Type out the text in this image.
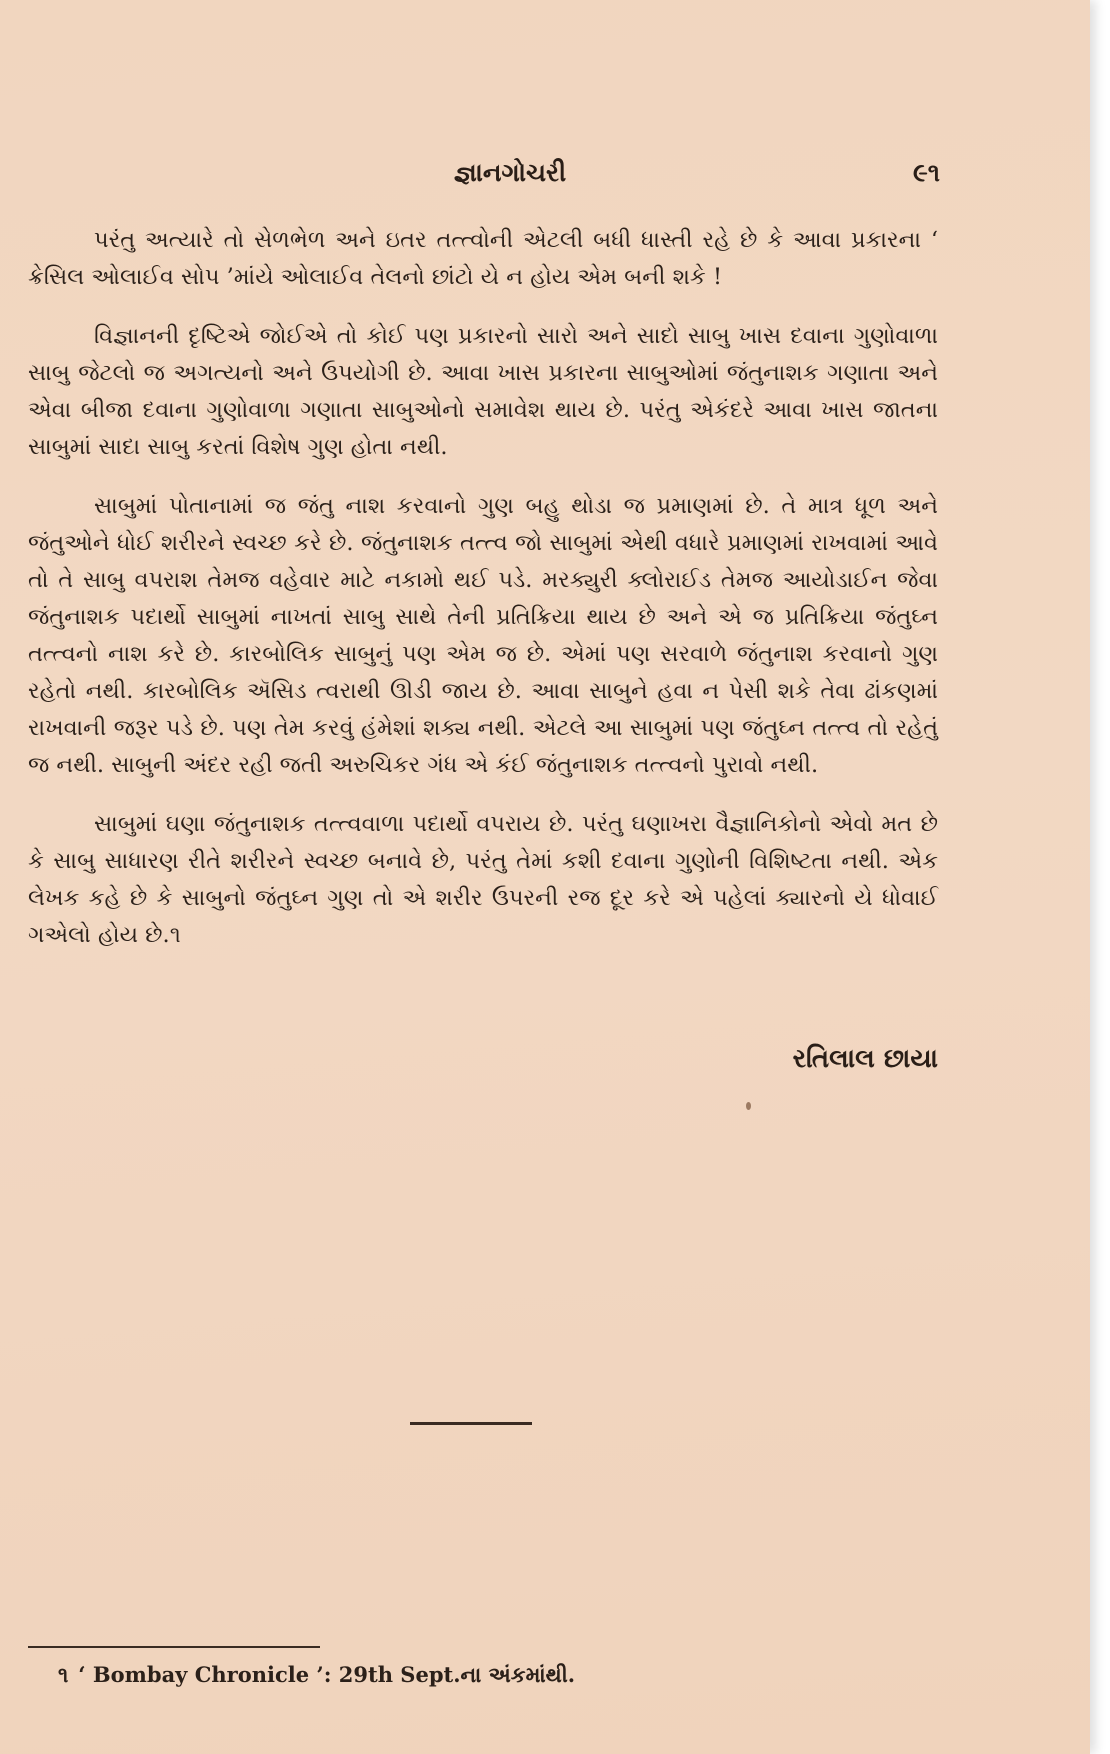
જ્ઞાનગોચરી	૯૧

પરંતુ અત્યારે તો સેળભેળ અને ઇતર તત્ત્વોની એટલી બધી ધાસ્તી રહે છે કે આવા પ્રકારના ‘ ક્રેસિલ ઓલાઈવ સોપ ’માંયે ઓલાઈવ તેલનો છાંટો યે ન હોય એમ બની શકે !

વિજ્ઞાનની દૃષ્ટિએ જોઈએ તો કોઈ પણ પ્રકારનો સારો અને સાદો સાબુ ખાસ દવાના ગુણોવાળા સાબુ જેટલો જ અગત્યનો અને ઉપયોગી છે. આવા ખાસ પ્રકારના સાબુઓમાં જંતુનાશક ગણાતા અને એવા બીજા દવાના ગુણોવાળા ગણાતા સાબુઓનો સમાવેશ થાય છે. પરંતુ એકંદરે આવા ખાસ જાતના સાબુમાં સાદા સાબુ કરતાં વિશેષ ગુણ હોતા નથી.

સાબુમાં પોતાનામાં જ જંતુ નાશ કરવાનો ગુણ બહુ થોડા જ પ્રમાણમાં છે. તે માત્ર ધૂળ અને જંતુઓને ધોઈ શરીરને સ્વચ્છ કરે છે. જંતુનાશક તત્ત્વ જો સાબુમાં એથી વધારે પ્રમાણમાં રાખવામાં આવે તો તે સાબુ વપરાશ તેમજ વહેવાર માટે નકામો થઈ પડે. મરક્યુરી ક્લોરાઈડ તેમજ આયોડાઈન જેવા જંતુનાશક પદાર્થો સાબુમાં નાખતાં સાબુ સાથે તેની પ્રતિક્રિયા થાય છે અને એ જ પ્રતિક્રિયા જંતુઘ્ન તત્ત્વનો નાશ કરે છે. કારબોલિક સાબુનું પણ એમ જ છે. એમાં પણ સરવાળે જંતુનાશ કરવાનો ગુણ રહેતો નથી. કારબોલિક ઍસિડ ત્વરાથી ઊડી જાય છે. આવા સાબુને હવા ન પેસી શકે તેવા ઢાંકણમાં રાખવાની જરૂર પડે છે. પણ તેમ કરવું હંમેશાં શક્ય નથી. એટલે આ સાબુમાં પણ જંતુઘ્ન તત્ત્વ તો રહેતું જ નથી. સાબુની અંદર રહી જતી અરુચિકર ગંધ એ કંઈ જંતુનાશક તત્ત્વનો પુરાવો નથી.

સાબુમાં ઘણા જંતુનાશક તત્ત્વવાળા પદાર્થો વપરાય છે. પરંતુ ઘણાખરા વૈજ્ઞાનિકોનો એવો મત છે કે સાબુ સાધારણ રીતે શરીરને સ્વચ્છ બનાવે છે, પરંતુ તેમાં કશી દવાના ગુણોની વિશિષ્ટતા નથી. એક લેખક કહે છે કે સાબુનો જંતુઘ્ન ગુણ તો એ શરીર ઉપરની રજ દૂર કરે એ પહેલાં ક્યારનો યે ધોવાઈ ગએલો હોય છે.૧

રતિલાલ છાયા
૧ ‘ Bombay Chronicle ’: 29th Sept.ના અંકમાંથી.
